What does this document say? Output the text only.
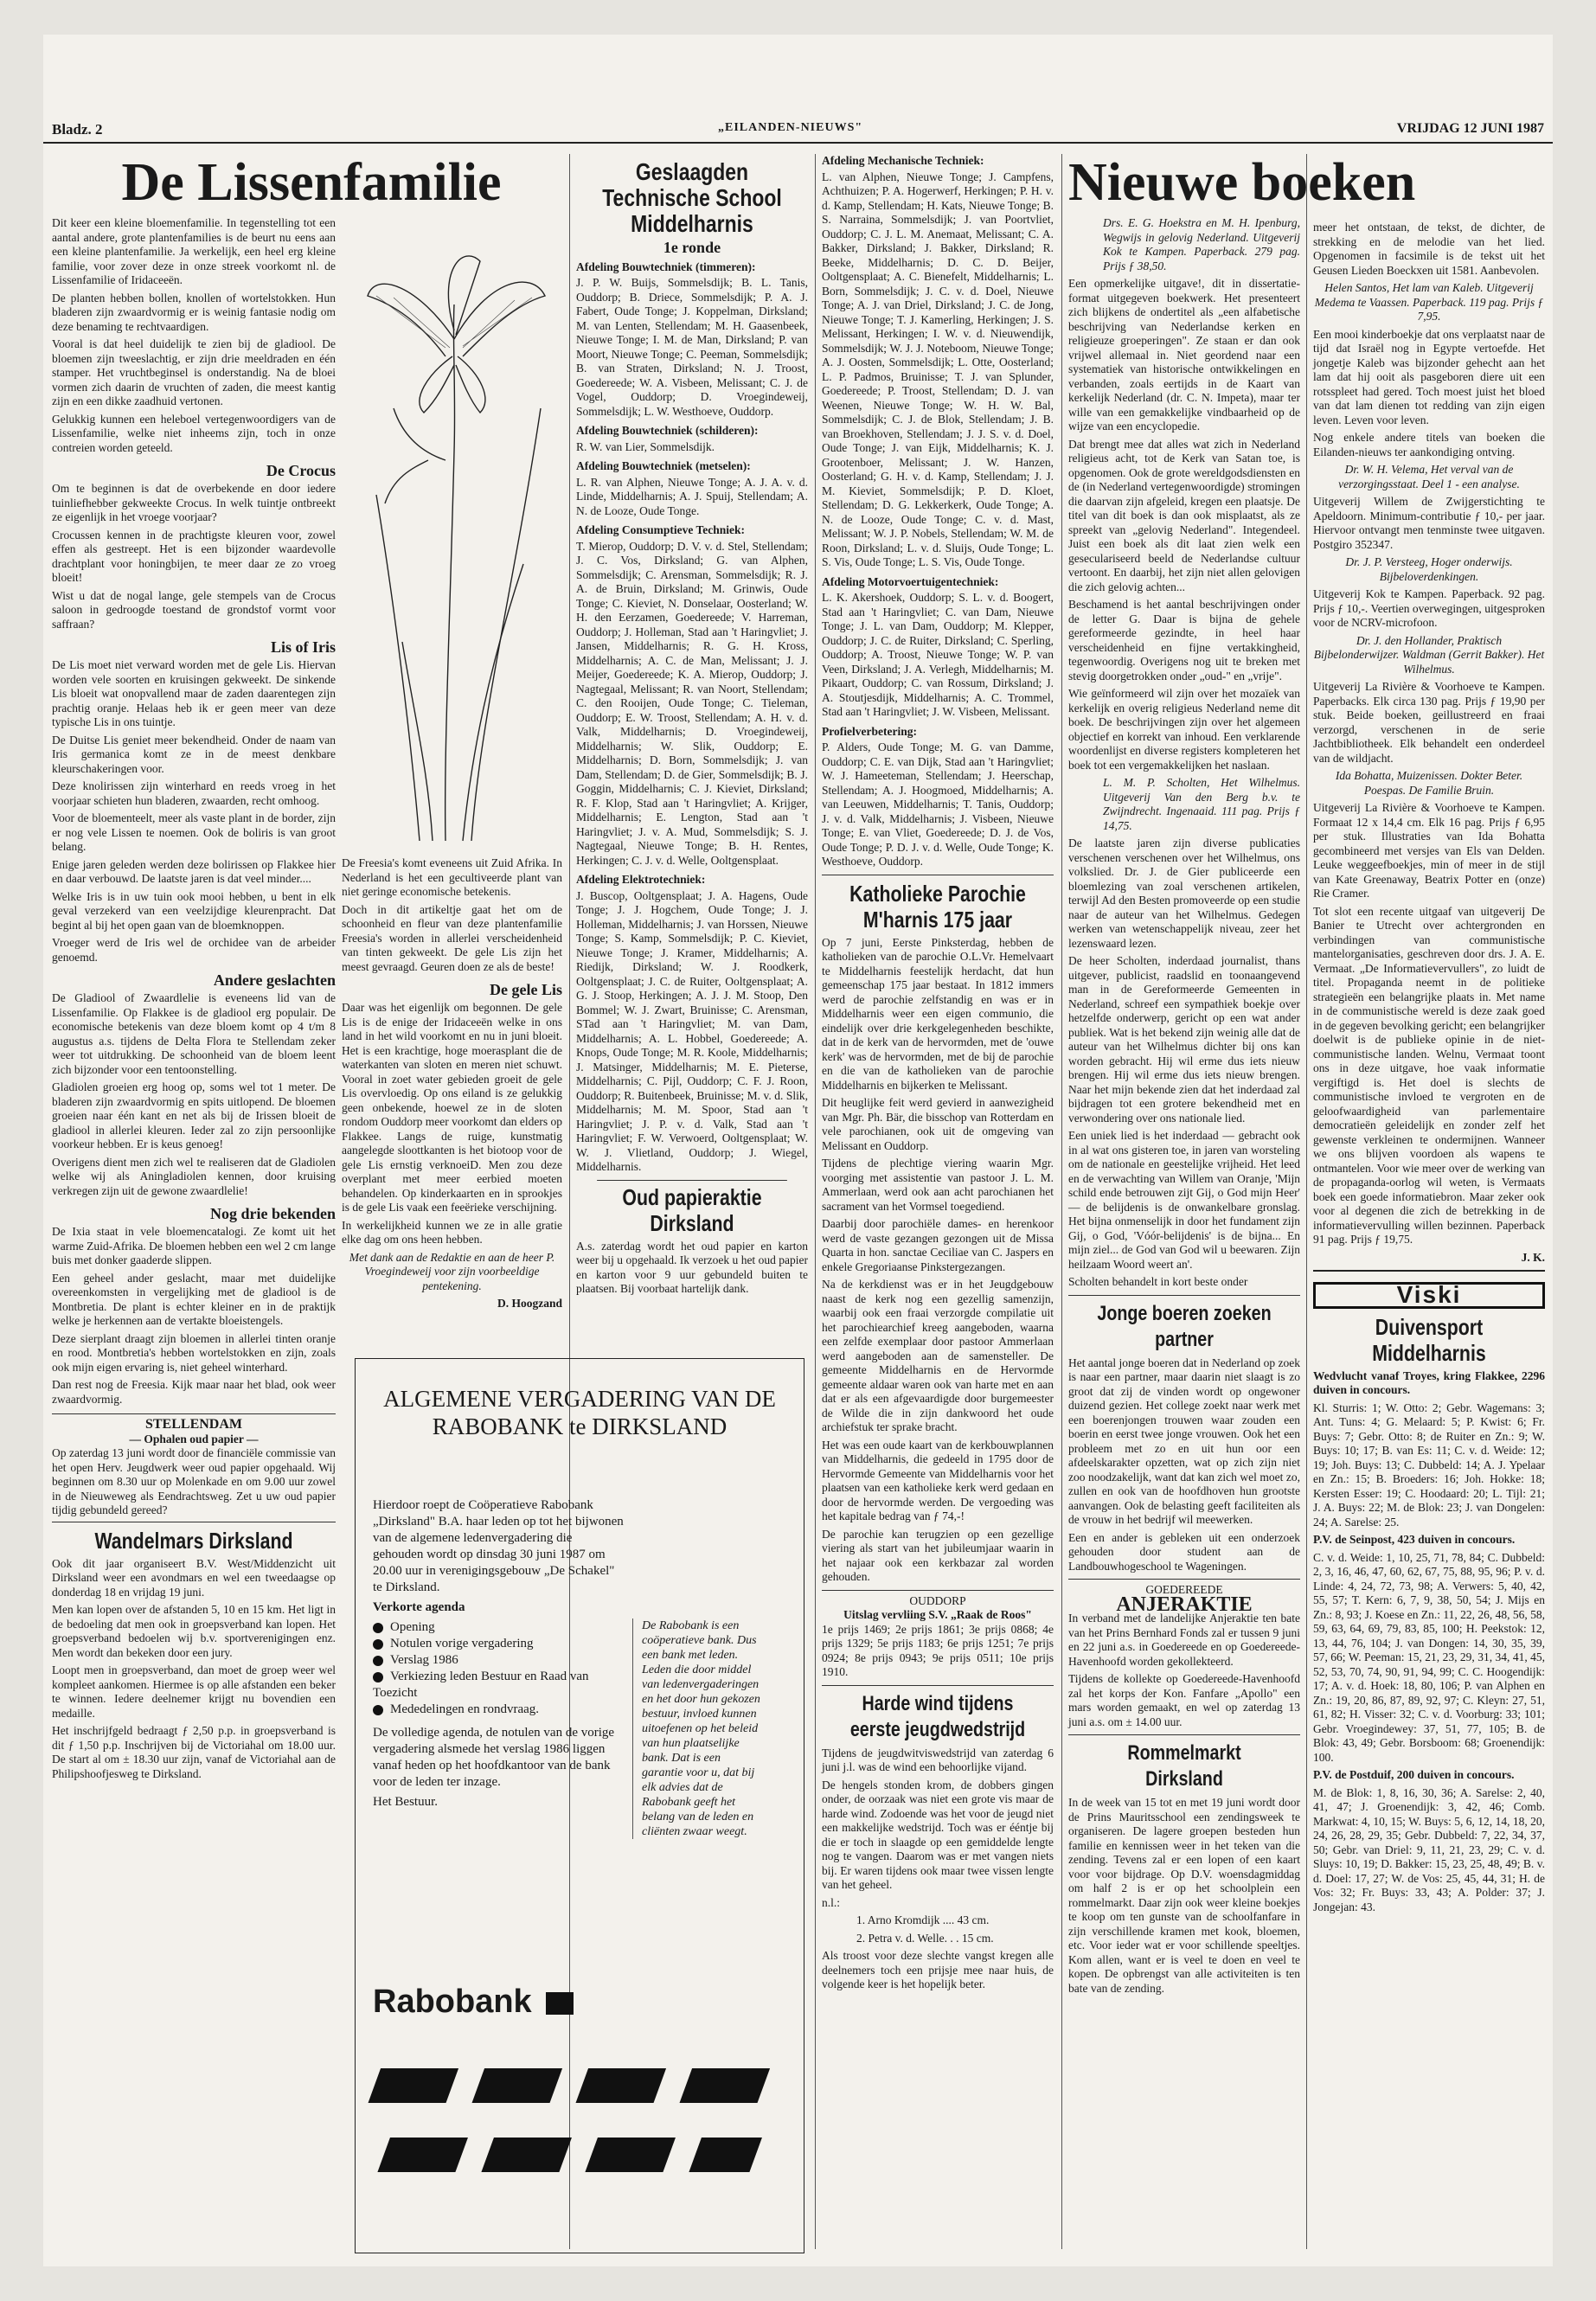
Bladz. 2	„EILANDEN-NIEUWS"	VRIJDAG 12 JUNI 1987
De Lissenfamilie

Dit keer een kleine bloemenfamilie. In tegenstelling tot een aantal andere, grote plantenfamilies is de beurt nu eens aan een kleine plantenfamilie. Ja werkelijk, een heel erg kleine familie, voor zover deze in onze streek voorkomt nl. de Lissenfamilie of Iridaceeën.

De planten hebben bollen, knollen of wortelstokken. Hun bladeren zijn zwaardvormig er is weinig fantasie nodig om deze benaming te rechtvaardigen.

Vooral is dat heel duidelijk te zien bij de gladiool. De bloemen zijn tweeslachtig, er zijn drie meeldraden en één stamper. Het vruchtbeginsel is onderstandig. Na de bloei vormen zich daarin de vruchten of zaden, die meest kantig zijn en een dikke zaadhuid vertonen.

Gelukkig kunnen een heleboel vertegenwoordigers van de Lissenfamilie, welke niet inheems zijn, toch in onze contreien worden geteeld.

De Crocus

Om te beginnen is dat de overbekende en door iedere tuinliefhebber gekweekte Crocus. In welk tuintje ontbreekt ze eigenlijk in het vroege voorjaar?

Crocussen kennen in de prachtigste kleuren voor, zowel effen als gestreept. Het is een bijzonder waardevolle drachtplant voor honingbijen, te meer daar ze zo vroeg bloeit!

Wist u dat de nogal lange, gele stempels van de Crocus saloon in gedroogde toestand de grondstof vormt voor saffraan?

Lis of Iris

De Lis moet niet verward worden met de gele Lis. Hiervan worden vele soorten en kruisingen gekweekt. De sinkende Lis bloeit wat onopvallend maar de zaden daarentegen zijn prachtig oranje. Helaas heb ik er geen meer van deze typische Lis in ons tuintje.

De Duitse Lis geniet meer bekendheid. Onder de naam van Iris germanica komt ze in de meest denkbare kleurschakeringen voor.

Deze knolirissen zijn winterhard en reeds vroeg in het voorjaar schieten hun bladeren, zwaarden, recht omhoog.

Voor de bloementeelt, meer als vaste plant in de border, zijn er nog vele Lissen te noemen. Ook de boliris is van groot belang.

Enige jaren geleden werden deze bolirissen op Flakkee hier en daar verbouwd. De laatste jaren is dat veel minder....

Welke Iris is in uw tuin ook mooi hebben, u bent in elk geval verzekerd van een veelzijdige kleurenpracht. Dat begint al bij het open gaan van de bloemknoppen.

Vroeger werd de Iris wel de orchidee van de arbeider genoemd.

Andere geslachten

De Gladiool of Zwaardlelie is eveneens lid van de Lissenfamilie. Op Flakkee is de gladiool erg populair. De economische betekenis van deze bloem komt op 4 t/m 8 augustus a.s. tijdens de Delta Flora te Stellendam zeker weer tot uitdrukking. De schoonheid van de bloem leent zich bijzonder voor een tentoonstelling.

Gladiolen groeien erg hoog op, soms wel tot 1 meter. De bladeren zijn zwaardvormig en spits uitlopend. De bloemen groeien naar één kant en net als bij de Irissen bloeit de gladiool in allerlei kleuren. Ieder zal zo zijn persoonlijke voorkeur hebben. Er is keus genoeg!

Overigens dient men zich wel te realiseren dat de Gladiolen welke wij als Aningladiolen kennen, door kruising verkregen zijn uit de gewone zwaardlelie!

Nog drie bekenden

De Ixia staat in vele bloemencatalogi. Ze komt uit het warme Zuid-Afrika. De bloemen hebben een wel 2 cm lange buis met donker gaaderde slippen.

Een geheel ander geslacht, maar met duidelijke overeenkomsten in vergelijking met de gladiool is de Montbretia. De plant is echter kleiner en in de praktijk welke je herkennen aan de vertakte bloeistengels.

Deze sierplant draagt zijn bloemen in allerlei tinten oranje en rood. Montbretia's hebben wortelstokken en zijn, zoals ook mijn eigen ervaring is, niet geheel winterhard.

Dan rest nog de Freesia. Kijk maar naar het blad, ook weer zwaardvormig.

STELLENDAM
— Ophalen oud papier —

Op zaterdag 13 juni wordt door de financiële commissie van het open Herv. Jeugdwerk weer oud papier opgehaald. Wij beginnen om 8.30 uur op Molenkade en om 9.00 uur zowel in de Nieuweweg als Eendrachtsweg. Zet u uw oud papier tijdig gebundeld gereed?

Wandelmars Dirksland

Ook dit jaar organiseert B.V. West/Middenzicht uit Dirksland weer een avondmars en wel een tweedaagse op donderdag 18 en vrijdag 19 juni.

Men kan lopen over de afstanden 5, 10 en 15 km. Het ligt in de bedoeling dat men ook in groepsverband kan lopen. Het groepsverband bedoelen wij b.v. sportverenigingen enz. Men wordt dan bekeken door een jury.

Loopt men in groepsverband, dan moet de groep weer wel kompleet aankomen. Hiermee is op alle afstanden een beker te winnen. Iedere deelnemer krijgt nu bovendien een medaille.

Het inschrijfgeld bedraagt ƒ 2,50 p.p. in groepsverband is dit ƒ 1,50 p.p. Inschrijven bij de Victoriahal om 18.00 uur. De start al om ± 18.30 uur zijn, vanaf de Victoriahal aan de Philipshoofjesweg te Dirksland.

De Freesia's komt eveneens uit Zuid Afrika. In Nederland is het een gecultiveerde plant van niet geringe economische betekenis.

Doch in dit artikeltje gaat het om de schoonheid en fleur van deze plantenfamilie Freesia's worden in allerlei verscheidenheid van tinten gekweekt. De gele Lis zijn het meest gevraagd. Geuren doen ze als de beste!

De gele Lis

Daar was het eigenlijk om begonnen. De gele Lis is de enige der Iridaceeën welke in ons land in het wild voorkomt en nu in juni bloeit. Het is een krachtige, hoge moerasplant die de waterkanten van sloten en meren niet schuwt. Vooral in zoet water gebieden groeit de gele Lis overvloedig. Op ons eiland is ze gelukkig geen onbekende, hoewel ze in de sloten rondom Ouddorp meer voorkomt dan elders op Flakkee. Langs de ruige, kunstmatig aangelegde sloottkanten is het biotoop voor de gele Lis ernstig verknoeiD. Men zou deze overplant met meer eerbied moeten behandelen. Op kinderkaarten en in sprookjes is de gele Lis vaak een feeërieke verschijning.

In werkelijkheid kunnen we ze in alle gratie elke dag om ons heen hebben.

Met dank aan de Redaktie en aan de heer P. Vroegindeweij voor zijn voorbeeldige pentekening.

D. Hoogzand

ALGEMENE VERGADERING VAN DE RABOBANK te DIRKSLAND

Hierdoor roept de Coöperatieve Rabobank „Dirksland" B.A. haar leden op tot het bijwonen van de algemene ledenvergadering die gehouden wordt op dinsdag 30 juni 1987 om 20.00 uur in verenigingsgebouw „De Schakel" te Dirksland.

Verkorte agenda

Opening
Notulen vorige vergadering
Verslag 1986
Verkiezing leden Bestuur en Raad van Toezicht
Mededelingen en rondvraag.

De volledige agenda, de notulen van de vorige vergadering alsmede het verslag 1986 liggen vanaf heden op het hoofdkantoor van de bank voor de leden ter inzage.

Het Bestuur.

De Rabobank is een coöperatieve bank. Dus een bank met leden. Leden die door middel van ledenvergaderingen en het door hun gekozen bestuur, invloed kunnen uitoefenen op het beleid van hun plaatselijke bank. Dat is een garantie voor u, dat bij elk advies dat de Rabobank geeft het belang van de leden en cliënten zwaar weegt.
Rabobank
Geslaagden Technische School Middelharnis
1e ronde
Afdeling Bouwtechniek (timmeren):

J. P. W. Buijs, Sommelsdijk; B. L. Tanis, Ouddorp; B. Driece, Sommelsdijk; P. A. J. Fabert, Oude Tonge; J. Koppelman, Dirksland; M. van Lenten, Stellendam; M. H. Gaasenbeek, Nieuwe Tonge; I. M. de Man, Dirksland; P. van Moort, Nieuwe Tonge; C. Peeman, Sommelsdijk; B. van Straten, Dirksland; N. J. Troost, Goedereede; W. A. Visbeen, Melissant; C. J. de Vogel, Ouddorp; D. Vroegindeweij, Sommelsdijk; L. W. Westhoeve, Ouddorp.

Afdeling Bouwtechniek (schilderen):

R. W. van Lier, Sommelsdijk.

Afdeling Bouwtechniek (metselen):

L. R. van Alphen, Nieuwe Tonge; A. J. A. v. d. Linde, Middelharnis; A. J. Spuij, Stellendam; A. N. de Looze, Oude Tonge.

Afdeling Consumptieve Techniek:

T. Mierop, Ouddorp; D. V. v. d. Stel, Stellendam; J. C. Vos, Dirksland; G. van Alphen, Sommelsdijk; C. Arensman, Sommelsdijk; R. J. A. de Bruin, Dirksland; M. Grinwis, Oude Tonge; C. Kieviet, N. Donselaar, Oosterland; W. H. den Eerzamen, Goedereede; V. Harreman, Ouddorp; J. Holleman, Stad aan 't Haringvliet; J. Jansen, Middelharnis; R. G. H. Kross, Middelharnis; A. C. de Man, Melissant; J. J. Meijer, Goedereede; K. A. Mierop, Ouddorp; J. Nagtegaal, Melissant; R. van Noort, Stellendam; C. den Rooijen, Oude Tonge; C. Tieleman, Ouddorp; E. W. Troost, Stellendam; A. H. v. d. Valk, Middelharnis; D. Vroegindeweij, Middelharnis; W. Slik, Ouddorp; E. Middelharnis; D. Born, Sommelsdijk; J. van Dam, Stellendam; D. de Gier, Sommelsdijk; B. J. Goggin, Middelharnis; C. J. Kieviet, Dirksland; R. F. Klop, Stad aan 't Haringvliet; A. Krijger, Middelharnis; E. Lengton, Stad aan 't Haringvliet; J. v. A. Mud, Sommelsdijk; S. J. Nagtegaal, Nieuwe Tonge; B. H. Rentes, Herkingen; C. J. v. d. Welle, Ooltgensplaat.

Afdeling Elektrotechniek:

J. Buscop, Ooltgensplaat; J. A. Hagens, Oude Tonge; J. J. Hogchem, Oude Tonge; J. J. Holleman, Middelharnis; J. van Horssen, Nieuwe Tonge; S. Kamp, Sommelsdijk; P. C. Kieviet, Nieuwe Tonge; J. Kramer, Middelharnis; A. Riedijk, Dirksland; W. J. Roodkerk, Ooltgensplaat; J. C. de Ruiter, Ooltgensplaat; A. G. J. Stoop, Herkingen; A. J. J. M. Stoop, Den Bommel; W. J. Zwart, Bruinisse; C. Arensman, STad aan 't Haringvliet; M. van Dam, Middelharnis; A. L. Hobbel, Goedereede; A. Knops, Oude Tonge; M. R. Koole, Middelharnis; J. Matsinger, Middelharnis; M. E. Pieterse, Middelharnis; C. Pijl, Ouddorp; C. F. J. Roon, Ouddorp; R. Buitenbeek, Bruinisse; M. v. d. Slik, Middelharnis; M. M. Spoor, Stad aan 't Haringvliet; J. P. v. d. Valk, Stad aan 't Haringvliet; F. W. Verwoerd, Ooltgensplaat; W. W. J. Vlietland, Ouddorp; J. Wiegel, Middelharnis.

Oud papieraktie Dirksland

A.s. zaterdag wordt het oud papier en karton weer bij u opgehaald. Ik verzoek u het oud papier en karton voor 9 uur gebundeld buiten te plaatsen. Bij voorbaat hartelijk dank.

Afdeling Mechanische Techniek:

L. van Alphen, Nieuwe Tonge; J. Campfens, Achthuizen; P. A. Hogerwerf, Herkingen; P. H. v. d. Kamp, Stellendam; H. Kats, Nieuwe Tonge; B. S. Narraina, Sommelsdijk; J. van Poortvliet, Ouddorp; C. J. L. M. Anemaat, Melissant; C. A. Bakker, Dirksland; J. Bakker, Dirksland; R. Beeke, Middelharnis; D. C. D. Beijer, Ooltgensplaat; A. C. Bienefelt, Middelharnis; L. Born, Sommelsdijk; J. C. v. d. Doel, Nieuwe Tonge; A. J. van Driel, Dirksland; J. C. de Jong, Nieuwe Tonge; T. J. Kamerling, Herkingen; J. S. Melissant, Herkingen; I. W. v. d. Nieuwendijk, Sommelsdijk; W. J. J. Noteboom, Nieuwe Tonge; A. J. Oosten, Sommelsdijk; L. Otte, Oosterland; L. P. Padmos, Bruinisse; T. J. van Splunder, Goedereede; P. Troost, Stellendam; D. J. van Weenen, Nieuwe Tonge; W. H. W. Bal, Sommelsdijk; C. J. de Blok, Stellendam; J. B. van Broekhoven, Stellendam; J. J. S. v. d. Doel, Oude Tonge; J. van Eijk, Middelharnis; K. J. Grootenboer, Melissant; J. W. Hanzen, Oosterland; G. H. v. d. Kamp, Stellendam; J. J. M. Kieviet, Sommelsdijk; P. D. Kloet, Stellendam; D. G. Lekkerkerk, Oude Tonge; A. N. de Looze, Oude Tonge; C. v. d. Mast, Melissant; W. J. P. Nobels, Stellendam; W. M. de Roon, Dirksland; L. v. d. Sluijs, Oude Tonge; L. S. Vis, Oude Tonge; L. S. Vis, Oude Tonge.

Afdeling Motorvoertuigentechniek:

L. K. Akershoek, Ouddorp; S. L. v. d. Boogert, Stad aan 't Haringvliet; C. van Dam, Nieuwe Tonge; J. L. van Dam, Ouddorp; M. Klepper, Ouddorp; J. C. de Ruiter, Dirksland; C. Sperling, Ouddorp; A. Troost, Nieuwe Tonge; W. P. van Veen, Dirksland; J. A. Verlegh, Middelharnis; M. Pikaart, Ouddorp; C. van Rossum, Dirksland; J. A. Stoutjesdijk, Middelharnis; A. C. Trommel, Stad aan 't Haringvliet; J. W. Visbeen, Melissant.

Profielverbetering:

P. Alders, Oude Tonge; M. G. van Damme, Ouddorp; C. E. van Dijk, Stad aan 't Haringvliet; W. J. Hameeteman, Stellendam; J. Heerschap, Stellendam; A. J. Hoogmoed, Middelharnis; A. van Leeuwen, Middelharnis; T. Tanis, Ouddorp; J. v. d. Valk, Middelharnis; J. Visbeen, Nieuwe Tonge; E. van Vliet, Goedereede; D. J. de Vos, Oude Tonge; P. D. J. v. d. Welle, Oude Tonge; K. Westhoeve, Ouddorp.

Katholieke Parochie M'harnis 175 jaar

Op 7 juni, Eerste Pinksterdag, hebben de katholieken van de parochie O.L.Vr. Hemelvaart te Middelharnis feestelijk herdacht, dat hun gemeenschap 175 jaar bestaat. In 1812 immers werd de parochie zelfstandig en was er in Middelharnis weer een eigen communio, die eindelijk over drie kerkgelegenheden beschikte, dat in de kerk van de hervormden, met de 'ouwe kerk' was de hervormden, met de bij de parochie en die van de katholieken van de parochie Middelharnis en bijkerken te Melissant.

Dit heuglijke feit werd gevierd in aanwezigheid van Mgr. Ph. Bär, die bisschop van Rotterdam en vele parochianen, ook uit de omgeving van Melissant en Ouddorp.

Tijdens de plechtige viering waarin Mgr. voorging met assistentie van pastoor J. L. M. Ammerlaan, werd ook aan acht parochianen het sacrament van het Vormsel toegediend.

Daarbij door parochiële dames- en herenkoor werd de vaste gezangen gezongen uit de Missa Quarta in hon. sanctae Ceciliae van C. Jaspers en enkele Gregoriaanse Pinkstergezangen.

Na de kerkdienst was er in het Jeugdgebouw naast de kerk nog een gezellig samenzijn, waarbij ook een fraai verzorgde compilatie uit het parochiearchief kreeg aangeboden, waarna een zelfde exemplaar door pastoor Ammerlaan werd aangeboden aan de samensteller. De gemeente Middelharnis en de Hervormde gemeente aldaar waren ook van harte met en aan dat er als een afgevaardigde door burgemeester de Wilde die in zijn dankwoord het oude archiefstuk ter sprake bracht.

Het was een oude kaart van de kerkbouwplannen van Middelharnis, die gedeeld in 1795 door de Hervormde Gemeente van Middelharnis voor het plaatsen van een katholieke kerk werd gedaan en door de hervormde werden. De vergoeding was het kapitale bedrag van ƒ 74,-!

De parochie kan terugzien op een gezellige viering als start van het jubileumjaar waarin in het najaar ook een kerkbazar zal worden gehouden.

OUDDORP
Uitslag vervliing S.V. „Raak de Roos"

1e prijs 1469; 2e prijs 1861; 3e prijs 0868; 4e prijs 1329; 5e prijs 1183; 6e prijs 1251; 7e prijs 0924; 8e prijs 0943; 9e prijs 0511; 10e prijs 1910.

Harde wind tijdens eerste jeugdwedstrijd

Tijdens de jeugdwitviswedstrijd van zaterdag 6 juni j.l. was de wind een behoorlijke vijand.

De hengels stonden krom, de dobbers gingen onder, de oorzaak was niet een grote vis maar de harde wind. Zodoende was het voor de jeugd niet een makkelijke wedstrijd. Toch was er ééntje bij die er toch in slaagde op een gemiddelde lengte nog te vangen. Daarom was er met vangen niets bij. Er waren tijdens ook maar twee vissen lengte van het geheel.

n.l.:

1. Arno Kromdijk .... 43 cm.

2. Petra v. d. Welle. . . 15 cm.

Als troost voor deze slechte vangst kregen alle deelnemers toch een prijsje mee naar huis, de volgende keer is het hopelijk beter.

Nieuwe boeken

Drs. E. G. Hoekstra en M. H. Ipenburg, Wegwijs in gelovig Nederland. Uitgeverij Kok te Kampen. Paperback. 279 pag. Prijs ƒ 38,50.

Een opmerkelijke uitgave!, dit in dissertatie-format uitgegeven boekwerk. Het presenteert zich blijkens de ondertitel als „een alfabetische beschrijving van Nederlandse kerken en religieuze groeperingen". Ze staan er dan ook vrijwel allemaal in. Niet geordend naar een systematiek van historische ontwikkelingen en verbanden, zoals eertijds in de Kaart van kerkelijk Nederland (dr. C. N. Impeta), maar ter wille van een gemakkelijke vindbaarheid op de wijze van een encyclopedie.

Dat brengt mee dat alles wat zich in Nederland religieus acht, tot de Kerk van Satan toe, is opgenomen. Ook de grote wereldgodsdiensten en de (in Nederland vertegenwoordigde) stromingen die daarvan zijn afgeleid, kregen een plaatsje. De titel van dit boek is dan ook misplaatst, als ze spreekt van „gelovig Nederland". Integendeel. Juist een boek als dit laat zien welk een geseculariseerd beeld de Nederlandse cultuur vertoont. En daarbij, het zijn niet allen gelovigen die zich gelovig achten...

Beschamend is het aantal beschrijvingen onder de letter G. Daar is bijna de gehele gereformeerde gezindte, in heel haar verscheidenheid en fijne vertakkingheid, tegenwoordig. Overigens nog uit te breken met stevig doorgetrokken onder „oud-" en „vrije".

Wie geïnformeerd wil zijn over het mozaïek van kerkelijk en overig religieus Nederland neme dit boek. De beschrijvingen zijn over het algemeen objectief en korrekt van inhoud. Een verklarende woordenlijst en diverse registers kompleteren het boek tot een vergemakkelijken het naslaan.

L. M. P. Scholten, Het Wilhelmus. Uitgeverij Van den Berg b.v. te Zwijndrecht. Ingenaaid. 111 pag. Prijs ƒ 14,75.

De laatste jaren zijn diverse publicaties verschenen verschenen over het Wilhelmus, ons volkslied. Dr. J. de Gier publiceerde een bloemlezing van zoal verschenen artikelen, terwijl Ad den Besten promoveerde op een studie naar de auteur van het Wilhelmus. Gedegen werken van wetenschappelijk niveau, zeer het lezenswaard lezen.

De heer Scholten, inderdaad journalist, thans uitgever, publicist, raadslid en toonaangevend man in de Gereformeerde Gemeenten in Nederland, schreef een sympathiek boekje over hetzelfde onderwerp, gericht op een wat ander publiek. Wat is het bekend zijn weinig alle dat de auteur van het Wilhelmus dichter bij ons kan worden gebracht. Hij wil erme dus iets nieuw brengen. Hij wil erme dus iets nieuw brengen. Naar het mijn bekende zien dat het inderdaad zal bijdragen tot een grotere bekendheid met en verwondering over ons nationale lied.

Een uniek lied is het inderdaad — gebracht ook in al wat ons gisteren toe, in jaren van worsteling om de nationale en geestelijke vrijheid. Het leed en de verwachting van Willem van Oranje, 'Mijn schild ende betrouwen zijt Gij, o God mijn Heer' — de belijdenis is de onwankelbare gronslag. Het bijna onmenselijk in door het fundament zijn Gij, o God, 'Vóór-belijdenis' is de bijna... En mijn ziel... de God van God wil u beewaren. Zijn heilzaam Woord weert an'.

Scholten behandelt in kort beste onder

Jonge boeren zoeken partner

Het aantal jonge boeren dat in Nederland op zoek is naar een partner, maar daarin niet slaagt is zo groot dat zij de vinden wordt op ongewoner duizend gezien. Het college zoekt naar werk met een boerenjongen trouwen waar zouden een boerin en eerst twee jonge vrouwen. Ook het een probleem met zo en uit hun oor een afdeelskarakter opzetten, wat op zich zijn niet zoo noodzakelijk, want dat kan zich wel moet zo, zullen en ook van de hoofdhoven hun grootste aanvangen. Ook de belasting geeft faciliteiten als de vrouw in het bedrijf wil meewerken.

Een en ander is gebleken uit een onderzoek gehouden door student aan de Landbouwhogeschool te Wageningen.

GOEDEREEDE
ANJERAKTIE

In verband met de landelijke Anjeraktie ten bate van het Prins Bernhard Fonds zal er tussen 9 juni en 22 juni a.s. in Goedereede en op Goedereede-Havenhoofd worden gekollekteerd.

Tijdens de kollekte op Goedereede-Havenhoofd zal het korps der Kon. Fanfare „Apollo" een mars worden gemaakt, en wel op zaterdag 13 juni a.s. om ± 14.00 uur.

Rommelmarkt Dirksland

In de week van 15 tot en met 19 juni wordt door de Prins Mauritsschool een zendingsweek te organiseren. De lagere groepen besteden hun familie en kennissen weer in het teken van die zending. Tevens zal er een lopen of een kaart voor voor bijdrage. Op D.V. woensdagmiddag om half 2 is er op het schoolplein een rommelmarkt. Daar zijn ook weer kleine boekjes te koop om ten gunste van de schoolfanfare in zijn verschillende kramen met kook, bloemen, etc. Voor ieder wat er voor schillende speeltjes. Kom allen, want er is veel te doen en veel te kopen. De opbrengst van alle activiteiten is ten bate van de zending.

meer het ontstaan, de tekst, de dichter, de strekking en de melodie van het lied. Opgenomen in facsimile is de tekst uit het Geusen Lieden Boeckxen uit 1581. Aanbevolen.

Helen Santos, Het lam van Kaleb. Uitgeverij Medema te Vaassen. Paperback. 119 pag. Prijs ƒ 7,95.

Een mooi kinderboekje dat ons verplaatst naar de tijd dat Israël nog in Egypte vertoefde. Het jongetje Kaleb was bijzonder gehecht aan het lam dat hij ooit als pasgeboren diere uit een rotsspleet had gered. Toch moest juist het bloed van dat lam dienen tot redding van zijn eigen leven. Leven voor leven.

Nog enkele andere titels van boeken die Eilanden-nieuws ter aankondiging ontving.

Dr. W. H. Velema, Het verval van de verzorgingsstaat. Deel 1 - een analyse.

Uitgeverij Willem de Zwijgerstichting te Apeldoorn. Minimum-contributie ƒ 10,- per jaar. Hiervoor ontvangt men tenminste twee uitgaven. Postgiro 352347.

Dr. J. P. Versteeg, Hoger onderwijs. Bijbeloverdenkingen.

Uitgeverij Kok te Kampen. Paperback. 92 pag. Prijs ƒ 10,-. Veertien overwegingen, uitgesproken voor de NCRV-microfoon.

Dr. J. den Hollander, Praktisch Bijbelonderwijzer. Waldman (Gerrit Bakker). Het Wilhelmus.

Uitgeverij La Rivière & Voorhoeve te Kampen. Paperbacks. Elk circa 130 pag. Prijs ƒ 19,90 per stuk. Beide boeken, geillustreerd en fraai verzorgd, verschenen in de serie Jachtbibliotheek. Elk behandelt een onderdeel van de wildjacht.

Ida Bohatta, Muizenissen. Dokter Beter. Poespas. De Familie Bruin.

Uitgeverij La Rivière & Voorhoeve te Kampen. Formaat 12 x 14,4 cm. Elk 16 pag. Prijs ƒ 6,95 per stuk. Illustraties van Ida Bohatta gecombineerd met versjes van Els van Delden. Leuke weggeefboekjes, min of meer in de stijl van Kate Greenaway, Beatrix Potter en (onze) Rie Cramer.

Tot slot een recente uitgaaf van uitgeverij De Banier te Utrecht over achtergronden en verbindingen van communistische mantelorganisaties, geschreven door drs. J. A. E. Vermaat. „De Informatievervullers", zo luidt de titel. Propaganda neemt in de politieke strategieën een belangrijke plaats in. Met name in de communistische wereld is deze zaak goed in de gegeven bevolking gericht; een belangrijker doelwit is de publieke opinie in de niet-communistische landen. Welnu, Vermaat toont ons in deze uitgave, hoe vaak informatie vergiftigd is. Het doel is slechts de communistische invloed te vergroten en de geloofwaardigheid van parlementaire democratieën geleidelijk en zonder zelf het gewenste verkleinen te ondermijnen. Wanneer we ons blijven voordoen als wapens te ontmantelen. Voor wie meer over de werking van de propaganda-oorlog wil weten, is Vermaats boek een goede informatiebron. Maar zeker ook voor al degenen die zich de betrekking in de informatievervulling willen bezinnen. Paperback 91 pag. Prijs ƒ 19,75.

J. K.

Viski
Duivensport Middelharnis

Wedvlucht vanaf Troyes, kring Flakkee, 2296 duiven in concours.

Kl. Sturris: 1; W. Otto: 2; Gebr. Wagemans: 3; Ant. Tuns: 4; G. Melaard: 5; P. Kwist: 6; Fr. Buys: 7; Gebr. Otto: 8; de Ruiter en Zn.: 9; W. Buys: 10; 17; B. van Es: 11; C. v. d. Weide: 12; 19; Joh. Buys: 13; C. Dubbeld: 14; A. J. Ypelaar en Zn.: 15; B. Broeders: 16; Joh. Hokke: 18; Kersten Esser: 19; C. Hoodaard: 20; L. Tijl: 21; J. A. Buys: 22; M. de Blok: 23; J. van Dongelen: 24; A. Sarelse: 25.

P.V. de Seinpost, 423 duiven in concours.

C. v. d. Weide: 1, 10, 25, 71, 78, 84; C. Dubbeld: 2, 3, 16, 46, 47, 60, 62, 67, 75, 88, 95, 96; P. v. d. Linde: 4, 24, 72, 73, 98; A. Verwers: 5, 40, 42, 55, 57; T. Kern: 6, 7, 9, 38, 50, 54; J. Mijs en Zn.: 8, 93; J. Koese en Zn.: 11, 22, 26, 48, 56, 58, 59, 63, 64, 69, 79, 83, 85, 100; H. Peekstok: 12, 13, 44, 76, 104; J. van Dongen: 14, 30, 35, 39, 57, 66; W. Peeman: 15, 21, 23, 29, 31, 34, 41, 45, 52, 53, 70, 74, 90, 91, 94, 99; C. C. Hoogendijk: 17; A. v. d. Hoek: 18, 80, 106; P. van Alphen en Zn.: 19, 20, 86, 87, 89, 92, 97; C. Kleyn: 27, 51, 61, 82; H. Visser: 32; C. v. d. Voorburg: 33; 101; Gebr. Vroegindewey: 37, 51, 77, 105; B. de Blok: 43, 49; Gebr. Borsboom: 68; Groenendijk: 100.

P.V. de Postduif, 200 duiven in concours.

M. de Blok: 1, 8, 16, 30, 36; A. Sarelse: 2, 40, 41, 47; J. Groenendijk: 3, 42, 46; Comb. Markwat: 4, 10, 15; W. Buys: 5, 6, 12, 14, 18, 20, 24, 26, 28, 29, 35; Gebr. Dubbeld: 7, 22, 34, 37, 50; Gebr. van Driel: 9, 11, 21, 23, 29; C. v. d. Sluys: 10, 19; D. Bakker: 15, 23, 25, 48, 49; B. v. d. Doel: 17, 27; W. de Vos: 25, 45, 44, 31; H. de Vos: 32; Fr. Buys: 33, 43; A. Polder: 37; J. Jongejan: 43.
